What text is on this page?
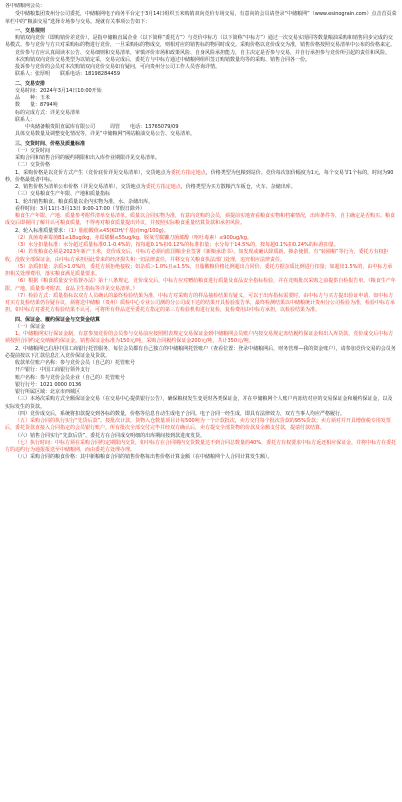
各中储粮网会员：

受中储粮集团贵州分公司委托，中储粮网电子商务平台定于3月14日组织玉米购销双向竞价专场交易，有意向的会员请登录“中储粮网”（www.esinograin.com）点击首页菜单栏中的“粮油交易”选择专场参与交易。现就有关事项公告如下：

一、交易规则

购销双向竞价（即购销价差竞价），是指中储粮直属企业（以下简称“委托方”）与竞价中标方（以下简称“中标方”）通过一次交易实现同等数量粮油采购和销售同步完成的交易模式。参与竞价与方只对采购标的物进行竞价，一旦采购标的物成交，则相对应的销售标的物同时成交。采购价格以竞价成交为准，销售价格按照交易清单中公布的价格来定。

竞价参与方应认真阅读本公告、交易细则和交易清单，审慎评价市场和政策风险、自身风险承担能力，自主决定是否参与交易，并自行承担参与竞价所引起的责任和风险。

本次购销双向竞价交易类型为以销定采，交易完成后，委托方与中标方通过中储粮网组织签订购销数量均等的采购、销售合同各一份。

投诉参与竞价的会员对本次购销双向竞价交易如有疑问，可向贵州分公司工作人员咨询详情。

联系人：张厚明　　联系电话：18198284459

二、交易安排

交易时间：2024年3月14日10:00开始

品　　种：玉米

数　　量：8794吨

标的完成方式：详见交易清单

联系人：

　　中央储备粮贵阳直属库有限公司　　　周管　　电话：13765079/09

具体交易数量及调整变化情况等，详见“中储粮网”网站粮油交易公告、交易清单。

三、交货时间、价格及质量标准

（一）交货时间

采购合同和销售合同的履约期限和出入库作业期限详见交易清单。

（二）交货价格

1、采购价格是以竞价方式产生（竞价底价详见交易清单），交货地点为委托方指定地点，价格类型为包粮到站价。竞价每次加价幅度为1元，每个交易节1个标的，时间为90秒，价格最低者中标。

2、销售价格为清单公布价格（详见交易清单），交货地点为委托方指定地点，价格类型为买方散粮汽车板仓，火车、杂储出库。

（三）交易粮食生产年限、产地和质量指标

1、轮出销售粮食。粮食质量以企内实物为准，水、杂储出库。

看样时间：3月11日-3月13日 9:00-17:00（节假日除外）

粮食生产年限、产地、质量参考附件清单交易清单。质量以合同实物为准，有意向竞购的会员，须提前实地查看粮食实物和档案情况，出库条件等，自主确定是否购买。粮食成交后即视同了解并认可粮食质量，不得再对粮食质量提出异议，并按照实际粮食重量结算货款和承担风险。

2、轮入标准质量要求：（1）脂肪酸值≤45(KOH/干基)/(mg/100g)。

（2）真菌毒素霉菌B1≤18ug/kg，赤霉烯酮≤55ug/kg，脱氧雪腐镰刀菌烯醇（呕吐毒素）≤900ug/kg。

（3）水分扣量标准：水分超过质量标准0.1-0.4%的，按每超0.1%扣0.12%的标准扣量；水分每干14.5%的，按每超0.1%扣0.24%的标准扣量。

（4）若发粮食必须是2023年新产玉米，竞价成交后，中标方必须向监国粮企业签署《新粮承诺书》，如发现或确认降质新、掺杂使假、有“转圈粮”等行为，委托方有权拒收，没收全部保证金，由中标方承担因此带来的经济损失和一切法律责任，并移交有关粮食执法部门处理，追究相应法律责任。

（5）杂质扣量：杂质>1.0%的，委托方须拒绝接收；如杂质＞1.0%且≤1.5%，且脂酸粮价格比例超出合同价，委托方据杂质比例进行扣量；如超出1.5%的，由中标方承担相关处理费用，落实粮食满足质量要求。

（6）根据《粮食质量安全监督办法》第十八条规定，竞价成交后，中标方应对赠给粮食进行质量及食品安全指标检验，并在竞购批次采购之前提供自检报告单。《粮食生产年限、产地、质量参考附表、食品卫生指标等详见交易清单。》

（7）检验方式：质量指标以双方人员确认的最终检验结果为准，中标方对采购方的样品抽检结果有疑义，可以于出库指标需要时，由中标方与买方提出验证申请，如中标方对买方复检结果仍存疑存议，须将送中储粮（贵州）质检中心专业公司测的分公司或下达的结果开具检验报告单，最终检测结果以中储粮统计贵州分公司检验为准，检验中标方承担。如中标方对委托方检验结果不认可，可将所有样品送至委托方指定的第三方检验机构进行复检，复检费用由中标方承担，以检验结果为准。

四、保证金、履约保证金与交货金结算

（一）保证金

1、中储粮网实行保证金制，有意参加竞价的会员参与交易前应按照附表规定交易保证金到中储粮网会员账户内按交易规定冻结履约保证金和出入库货款，竞价成交后中标方须按照合同约定交纳履约保证金。销售保证金标准为150元/吨，采购合同履约保证金200元/吨，共计350元/吨。

2、中储粮网已启用中国工商银行托管服务，每位会员都有自己独立的中储粮网托管账户（查看位置：登录中储粮网后，财务管理—我的资金账户），请参加竞价交易的会员务必提前按以下汇款信息汇入竞价保证金及货款。

收款单位账户名称：参与竞价会员（自己的）托管账号

开户银行：中国工商银行领外支行

账户名称：参与竞价会员企业（自己的）托管账号

银行行号：1021 0000 0136

银行所属区域：北京市西城区

（三）本场次采购方式全额保证金交易（在交易中心提供银行公告），确保粮权发生变更时各类保证金，并在中储粮网个人账户内冻结对应的交易保证金和履约保证金，以及实际发生的货款。

（四）竞价成交后，系统将扣款提交到各标的数量，价格等信息自动生成电子合同。电子合同一经生成，即具有法律效力，双方当事人均应严格履行。

（五）采购合同的执行实行“先货后款”。按批次计款，货物入仓数量项目计每500吨为一个计款批次，卖方交付每个批次货款的95%货款；卖方须对并开具增值税专用发票后，委托货款直接入合同指定的会员银行账户。所有批次全部交付完毕并经双方确认后，卖方提交全部货物的价款及余额支付款，提请付款结算。

（六）销售合同实行“先款后货”。委托方在合同成交明细的出库期间按到款进度发货。

（七）执行时间：中标方须在采购合同约定期限内交货，如中标方在合同期内交货数量达不到合同总数量的40%，委托方有权要求中标方返还相应保证金，并将中标方在委托方的违约行为通报报送至中储粮网，而由委托方处理办理。

（八）采购合同的粮食价格：其中新粮粮食合同的销售价格每出售价格计算金额（在中储粮网个人合同计算发生额）。
